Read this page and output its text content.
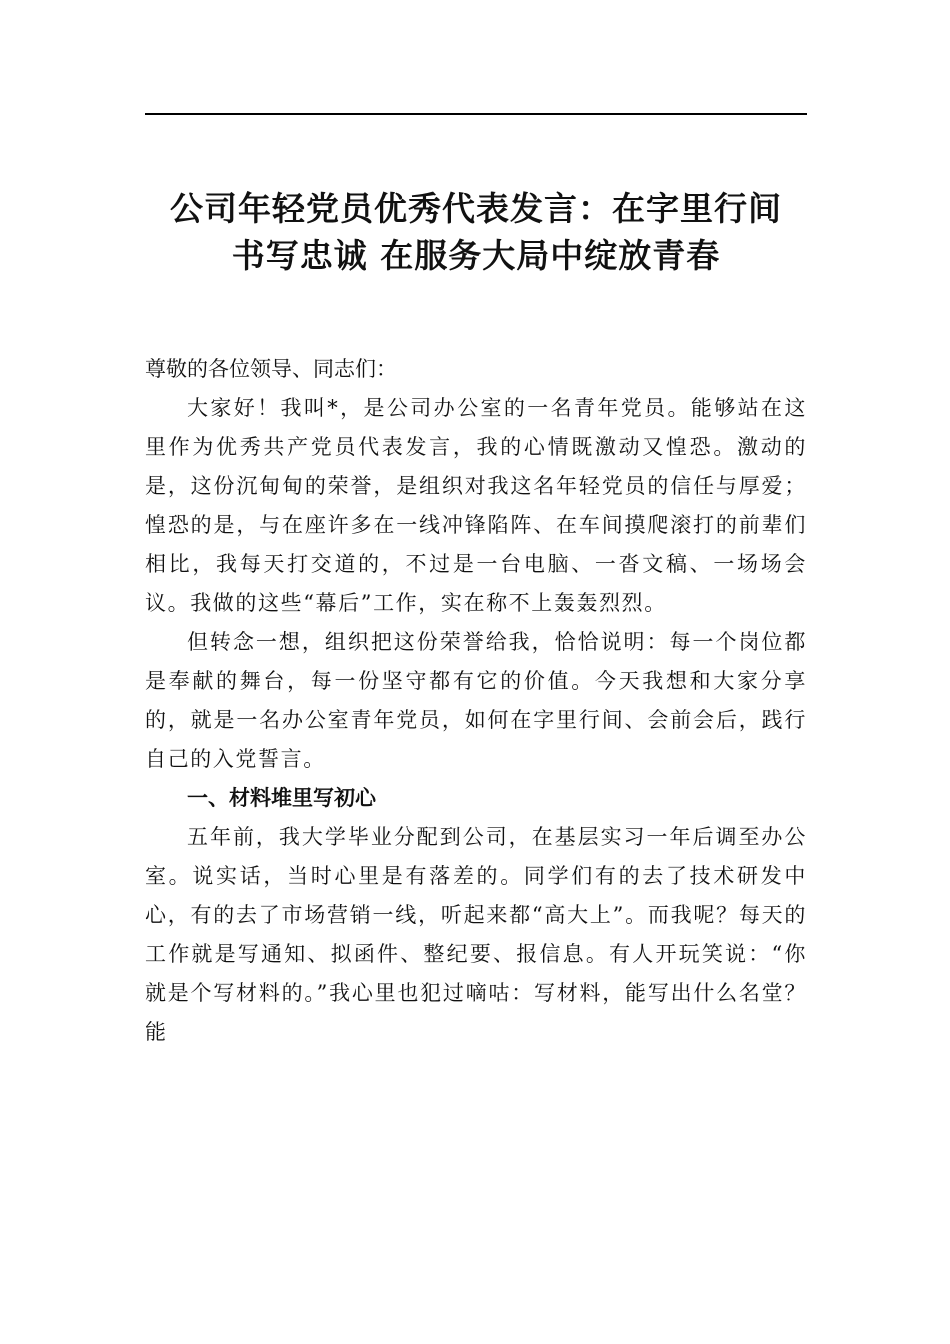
公司年轻党员优秀代表发言：在字里行间
书写忠诚 在服务大局中绽放青春

尊敬的各位领导、同志们：

大家好！我叫*，是公司办公室的一名青年党员。能够站在这里作为优秀共产党员代表发言，我的心情既激动又惶恐。激动的是，这份沉甸甸的荣誉，是组织对我这名年轻党员的信任与厚爱；惶恐的是，与在座许多在一线冲锋陷阵、在车间摸爬滚打的前辈们相比，我每天打交道的，不过是一台电脑、一沓文稿、一场场会议。我做的这些“幕后”工作，实在称不上轰轰烈烈。

但转念一想，组织把这份荣誉给我，恰恰说明：每一个岗位都是奉献的舞台，每一份坚守都有它的价值。今天我想和大家分享的，就是一名办公室青年党员，如何在字里行间、会前会后，践行自己的入党誓言。

一、材料堆里写初心

五年前，我大学毕业分配到公司，在基层实习一年后调至办公室。说实话，当时心里是有落差的。同学们有的去了技术研发中心，有的去了市场营销一线，听起来都“高大上”。而我呢？每天的工作就是写通知、拟函件、整纪要、报信息。有人开玩笑说：“你就是个写材料的。”我心里也犯过嘀咕：写材料，能写出什么名堂？能
